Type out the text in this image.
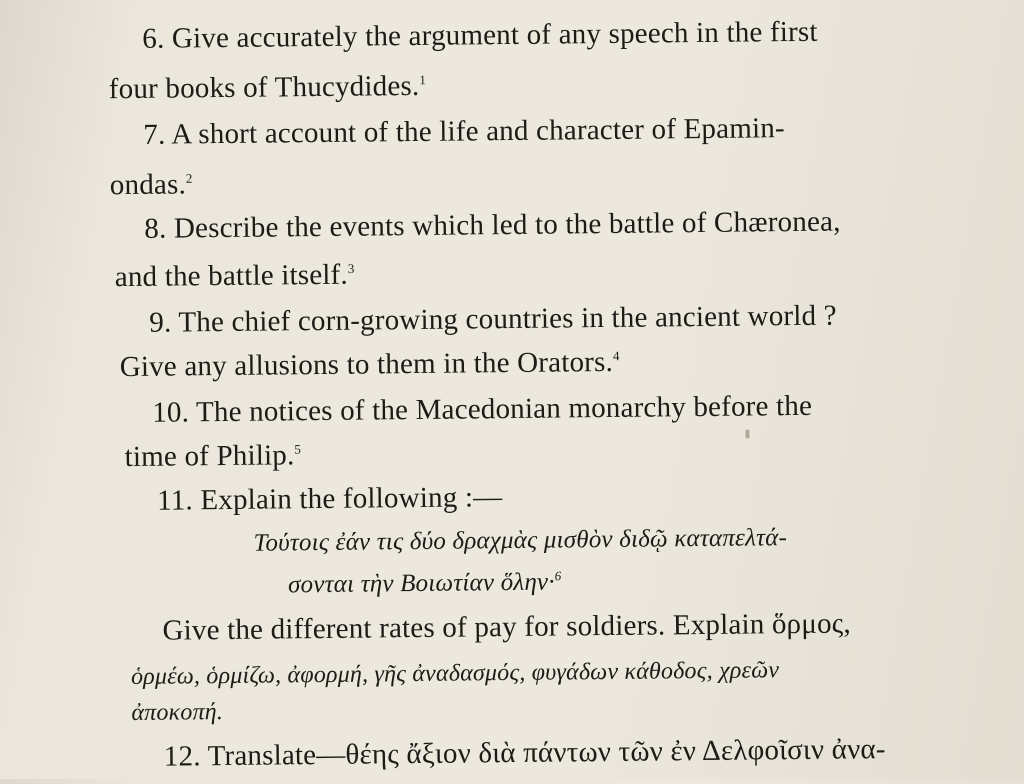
6. Give accurately the argument of any speech in the first
four books of Thucydides.$^1$
7. A short account of the life and character of Epamin-
ondas.$^2$
8. Describe the events which led to the battle of Chæronea,
and the battle itself.$^3$
9. The chief corn-growing countries in the ancient world ?
Give any allusions to them in the Orators.$^4$
10. The notices of the Macedonian monarchy before the
time of Philip.$^5$
11. Explain the following :—
Τούτοις ἐάν τις δύο δραχμὰς μισθὸν διδῷ καταπελτά-
σονται τὴν Βοιωτίαν ὅλην·$^6$
Give the different rates of pay for soldiers. Explain ὅρμος,
ὁρμέω, ὁρμίζω, ἀφορμή, γῆς ἀναδασμός, φυγάδων κάθοδος, χρεῶν
ἀποκοπή.
12. Translate—θέης ἄξιον διὰ πάντων τῶν ἐν Δελφοῖσιν ἀνα-
